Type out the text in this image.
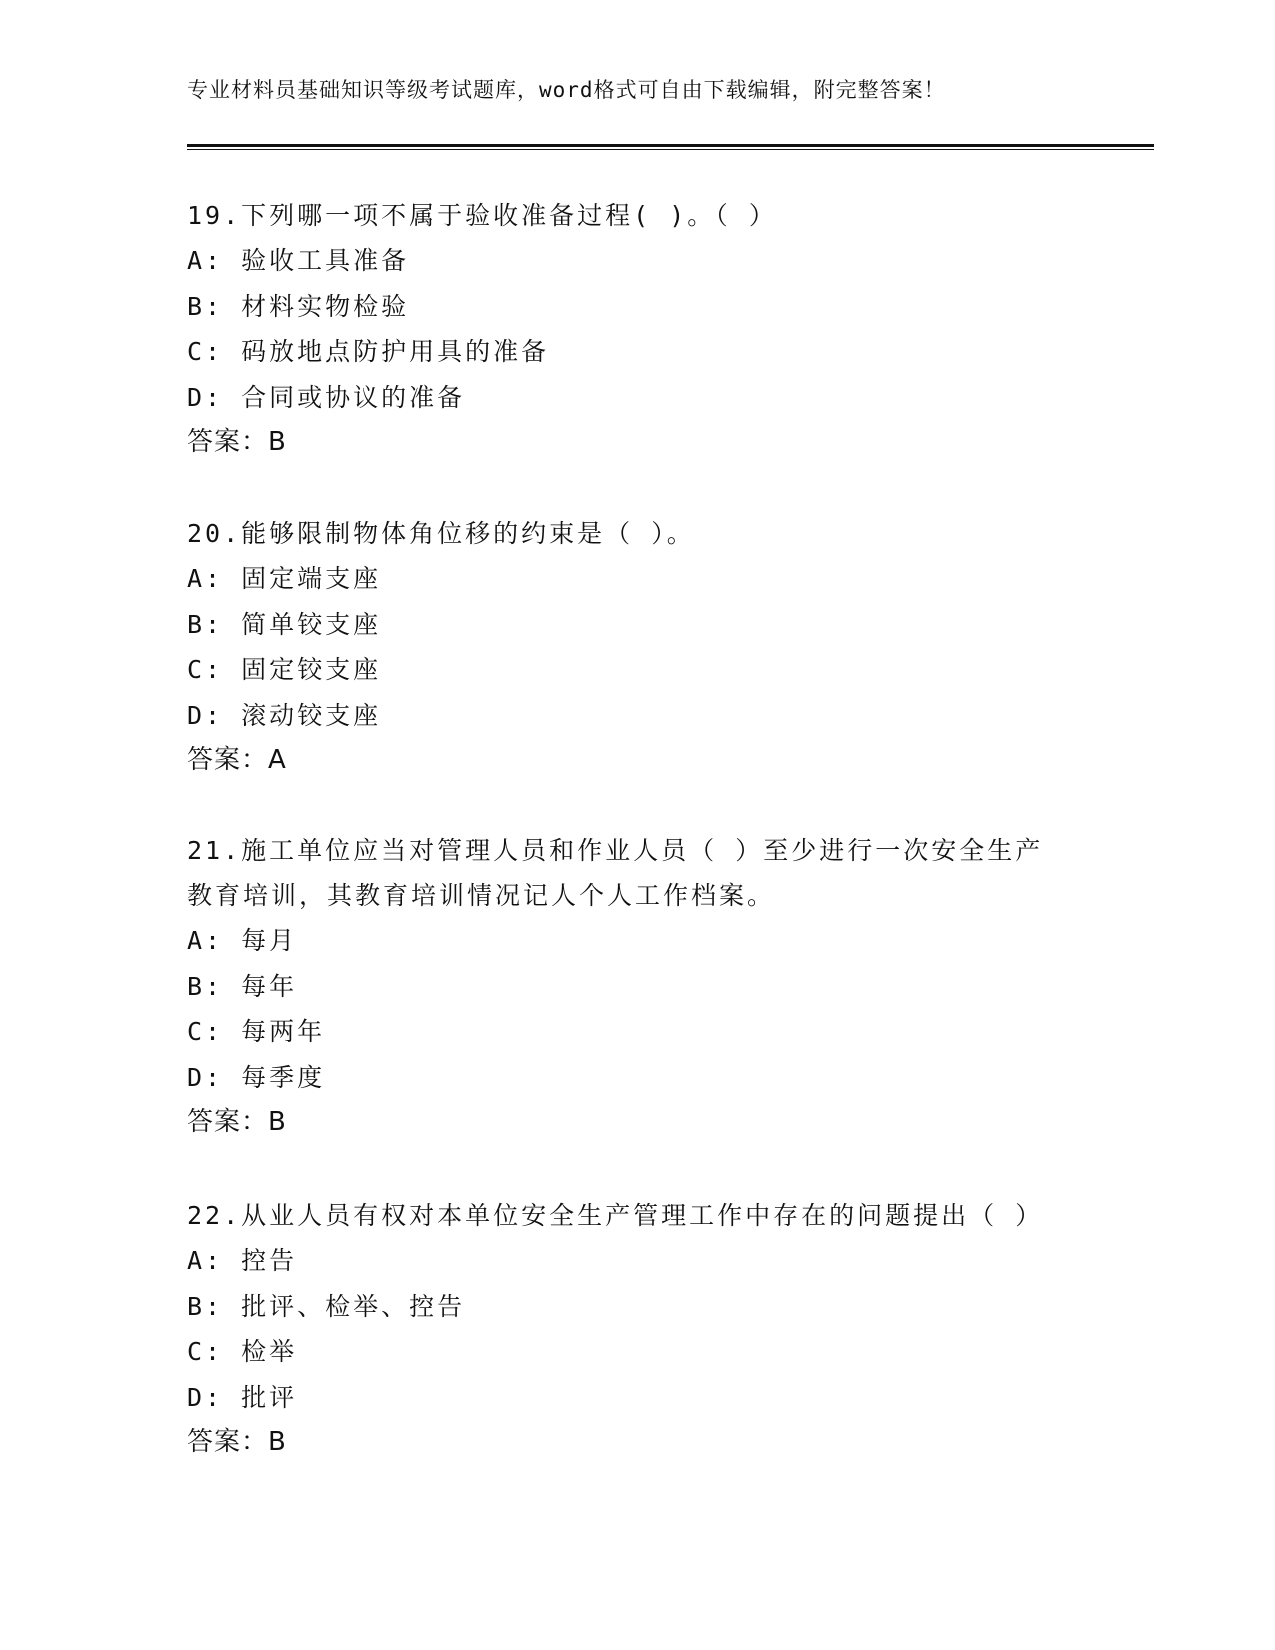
专业材料员基础知识等级考试题库，word格式可自由下载编辑，附完整答案！

19.下列哪一项不属于验收准备过程( )。（ ）

A: 验收工具准备

B: 材料实物检验

C: 码放地点防护用具的准备

D: 合同或协议的准备

答案：B

20.能够限制物体角位移的约束是（ ）。

A: 固定端支座

B: 简单铰支座

C: 固定铰支座

D: 滚动铰支座

答案：A

21.施工单位应当对管理人员和作业人员（ ）至少进行一次安全生产教育培训，其教育培训情况记人个人工作档案。

A: 每月

B: 每年

C: 每两年

D: 每季度

答案：B

22.从业人员有权对本单位安全生产管理工作中存在的问题提出（ ）

A: 控告

B: 批评、检举、控告

C: 检举

D: 批评

答案：B
